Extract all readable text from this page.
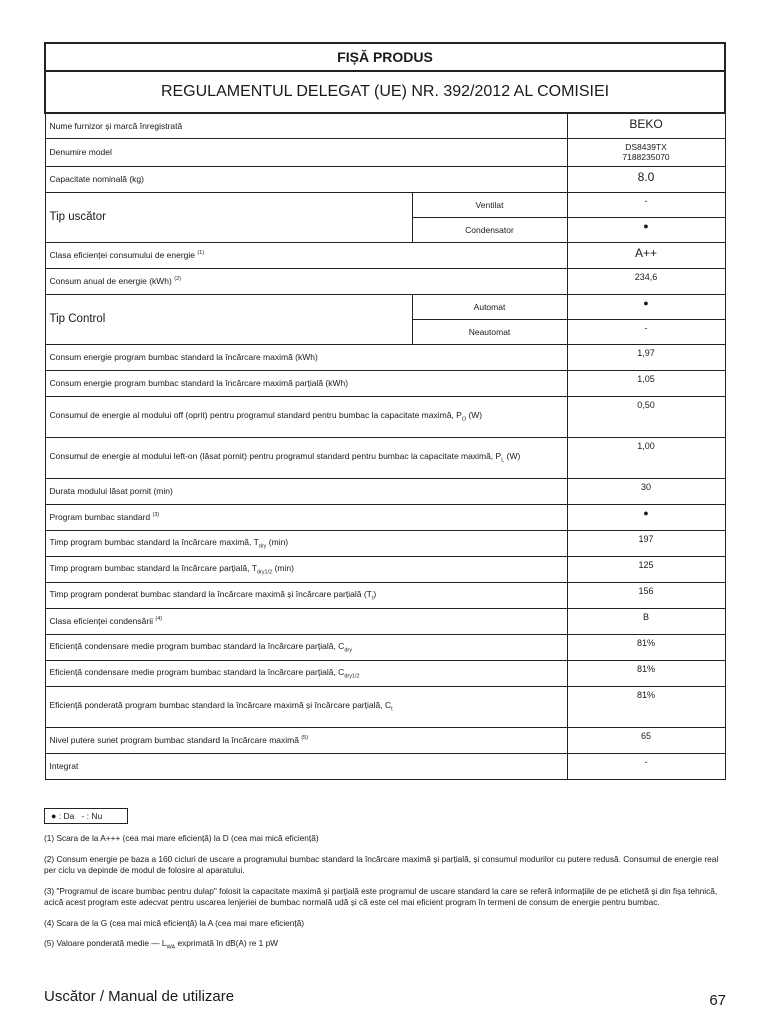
FIȘĂ PRODUS		
REGULAMENTUL DELEGAT (UE) NR. 392/2012 AL COMISIEI		
Nume furnizor și marcă înregistrată		BEKO
Denumire model		DS8439TX
7188235070

Capacitate nominală (kg)		8.0
Tip uscător	Ventilat	-
	Condensator	●
Clasa eficienței consumului de energie $^{(1)}$		A++
Consum anual de energie (kWh) $^{(2)}$		234,6
Tip Control	Automat	●
	Neautomat	-
Consum energie program bumbac standard la încărcare maximă (kWh)		1,97
Consum energie program bumbac standard la încărcare maximă parțială (kWh)		1,05
Consumul de energie al modului off (oprit) pentru programul standard pentru bumbac la capacitate maximă, $P_O$ (W)		0,50
Consumul de energie al modului left-on (lăsat pornit) pentru programul standard pentru bumbac la capacitate maximă, $P_L$ (W)		1,00
Durata modului lăsat pornit (min)		30
Program bumbac standard $^{(3)}$		●
Timp program bumbac standard la încărcare maximă, $T_{dry}$ (min)		197
Timp program bumbac standard la încărcare parțială, $T_{dry1/2}$ (min)		125
Timp program ponderat bumbac standard la încărcare maximă și încărcare parțială $(T_t)$		156
Clasa eficienței condensării $^{(4)}$		B
Eficiență condensare medie program bumbac standard la încărcare parțială, $C_{dry}$		81%
Eficiență condensare medie program bumbac standard la încărcare parțială, $C_{dry1/2}$		81%
Eficiență ponderată program bumbac standard la încărcare maximă și încărcare parțială, $C_t$		81%
Nivel putere sunet program bumbac standard la încărcare maximă $^{(5)}$		65
Integrat		-
● : Da - : Nu

(1) Scara de la A+++ (cea mai mare eficiență) la D (cea mai mică eficiență)

(2) Consum energie pe baza a 160 cicluri de uscare a programului bumbac standard la încărcare maximă și parțială, și consumul modurilor cu putere redusă. Consumul de energie real per ciclu va depinde de modul de folosire al aparatului.

(3) "Programul de iscare bumbac pentru dulap" folosit la capacitate maximă și parțială este programul de uscare standard la care se referă informațiile de pe etichetă și din fișa tehnică, acică acest program este adecvat pentru uscarea lenjeriei de bumbac normală udă și că este cel mai eficient program în termeni de consum de energie pentru bumbac.

(4) Scara de la G (cea mai mică eficiență) la A (cea mai mare eficiență)

(5) Valoare ponderată medie — $L_{WA}$ exprimată în dB(A) re 1 pW

Uscător / Manual de utilizare	67
